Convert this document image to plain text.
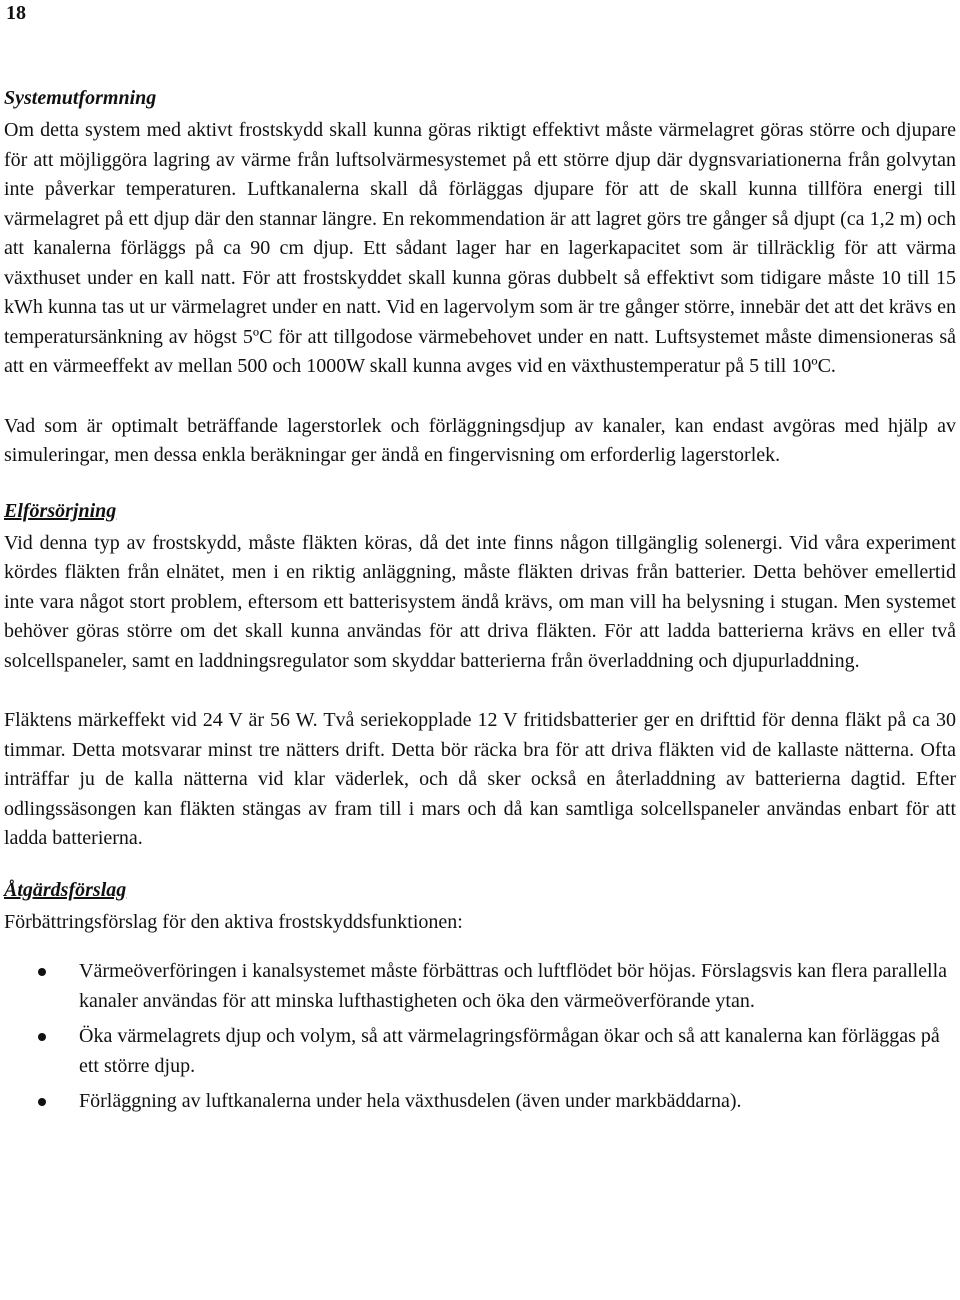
18
Systemutformning

Om detta system med aktivt frostskydd skall kunna göras riktigt effektivt måste värmelagret göras större och djupare för att möjliggöra lagring av värme från luftsolvärmesystemet på ett större djup där dygnsvariationerna från golvytan inte påverkar temperaturen. Luftkanalerna skall då förläggas djupare för att de skall kunna tillföra energi till värmelagret på ett djup där den stannar längre. En rekommendation är att lagret görs tre gånger så djupt (ca 1,2 m) och att kanalerna förläggs på ca 90 cm djup. Ett sådant lager har en lagerkapacitet som är tillräcklig för att värma växthuset under en kall natt. För att frostskyddet skall kunna göras dubbelt så effektivt som tidigare måste 10 till 15 kWh kunna tas ut ur värmelagret under en natt. Vid en lagervolym som är tre gånger större, innebär det att det krävs en temperatursänkning av högst 5ºC för att tillgodose värmebehovet under en natt. Luftsystemet måste dimensioneras så att en värmeeffekt av mellan 500 och 1000W skall kunna avges vid en växthustemperatur på 5 till 10ºC.

Vad som är optimalt beträffande lagerstorlek och förläggningsdjup av kanaler, kan endast avgöras med hjälp av simuleringar, men dessa enkla beräkningar ger ändå en fingervisning om erforderlig lagerstorlek.

Elförsörjning

Vid denna typ av frostskydd, måste fläkten köras, då det inte finns någon tillgänglig solenergi. Vid våra experiment kördes fläkten från elnätet, men i en riktig anläggning, måste fläkten drivas från batterier. Detta behöver emellertid inte vara något stort problem, eftersom ett batterisystem ändå krävs, om man vill ha belysning i stugan. Men systemet behöver göras större om det skall kunna användas för att driva fläkten. För att ladda batterierna krävs en eller två solcellspaneler, samt en laddningsregulator som skyddar batterierna från överladdning och djupurladdning.

Fläktens märkeffekt vid 24 V är 56 W. Två seriekopplade 12 V fritidsbatterier ger en drifttid för denna fläkt på ca 30 timmar. Detta motsvarar minst tre nätters drift. Detta bör räcka bra för att driva fläkten vid de kallaste nätterna. Ofta inträffar ju de kalla nätterna vid klar väderlek, och då sker också en återladdning av batterierna dagtid. Efter odlingssäsongen kan fläkten stängas av fram till i mars och då kan samtliga solcellspaneler användas enbart för att ladda batterierna.

Åtgärdsförslag

Förbättringsförslag för den aktiva frostskyddsfunktionen:

Värmeöverföringen i kanalsystemet måste förbättras och luftflödet bör höjas. Förslagsvis kan flera parallella kanaler användas för att minska lufthastigheten och öka den värmeöverförande ytan.
Öka värmelagrets djup och volym, så att värmelagringsförmågan ökar och så att kanalerna kan förläggas på ett större djup.
Förläggning av luftkanalerna under hela växthusdelen (även under markbäddarna).
